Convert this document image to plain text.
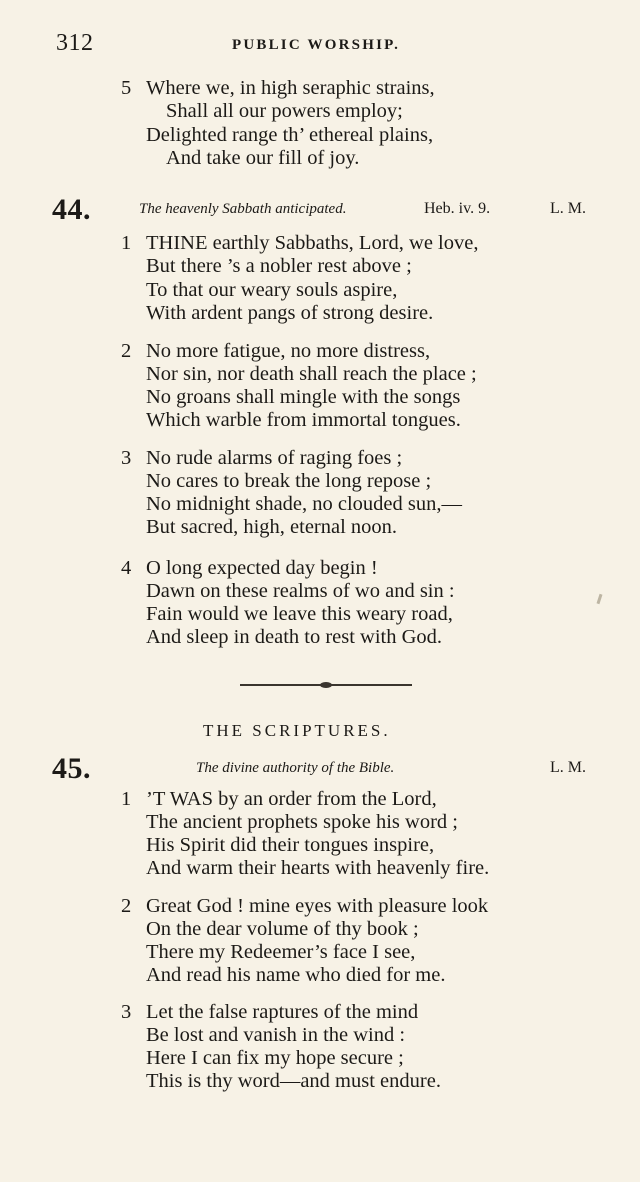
312	PUBLIC WORSHIP.
5 Where we, in high seraphic strains,
Shall all our powers employ;
Delighted range th’ ethereal plains,
And take our fill of joy.
44.	The heavenly Sabbath anticipated.	Heb. iv. 9.	L. M.
1 THINE earthly Sabbaths, Lord, we love,
But there ’s a nobler rest above ;
To that our weary souls aspire,
With ardent pangs of strong desire.
2 No more fatigue, no more distress,
Nor sin, nor death shall reach the place ;
No groans shall mingle with the songs
Which warble from immortal tongues.
3 No rude alarms of raging foes ;
No cares to break the long repose ;
No midnight shade, no clouded sun,—
But sacred, high, eternal noon.
4 O long expected day begin !
Dawn on these realms of wo and sin :
Fain would we leave this weary road,
And sleep in death to rest with God.
THE SCRIPTURES.
45.	The divine authority of the Bible.	L. M.
1 ’T WAS by an order from the Lord,
The ancient prophets spoke his word ;
His Spirit did their tongues inspire,
And warm their hearts with heavenly fire.
2 Great God ! mine eyes with pleasure look
On the dear volume of thy book ;
There my Redeemer’s face I see,
And read his name who died for me.
3 Let the false raptures of the mind
Be lost and vanish in the wind :
Here I can fix my hope secure ;
This is thy word—and must endure.
